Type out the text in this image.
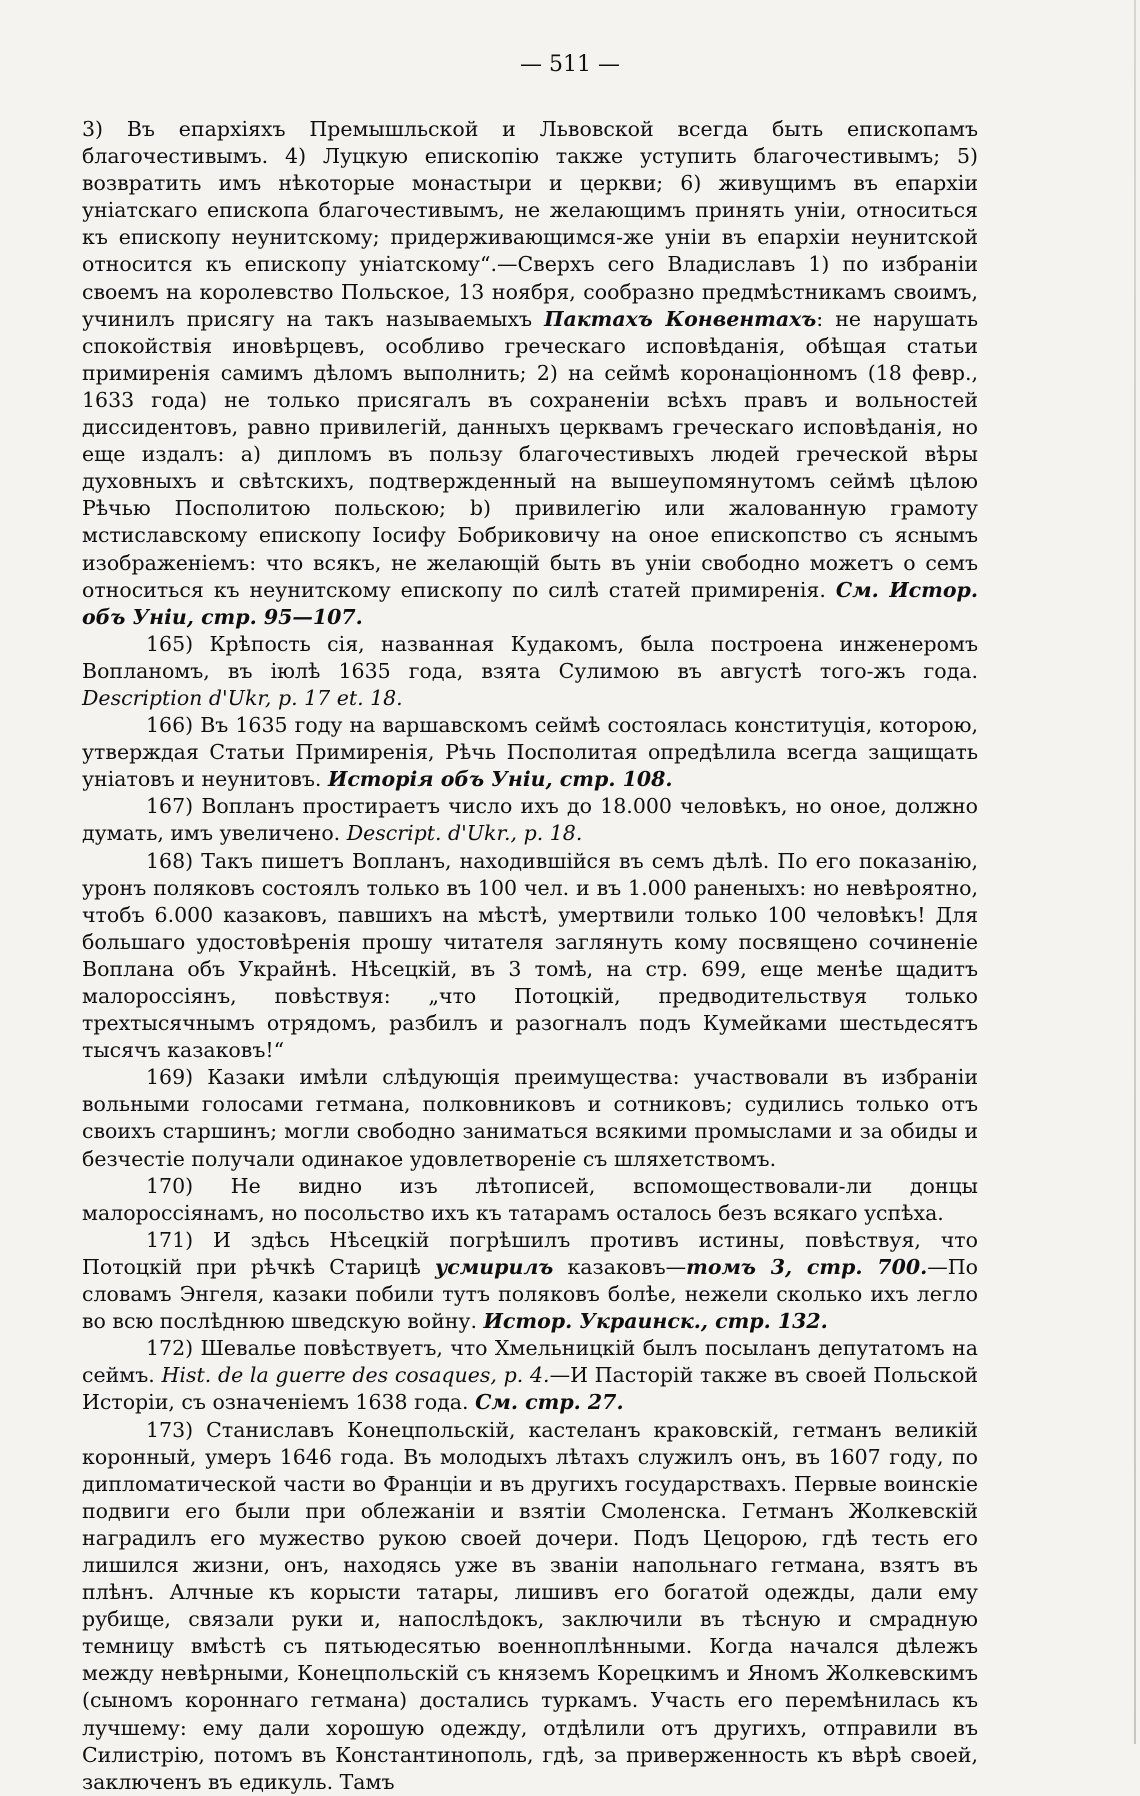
— 511 —

3) Въ епархiяхъ Премышльской и Львовской всегда быть епископамъ благочестивымъ. 4) Луцкую епископiю также уступить благочестивымъ; 5) возвратить имъ нѣкоторые монастыри и церкви; 6) живущимъ въ епархiи унiатскаго епископа благочестивымъ, не желающимъ принять унiи, относиться къ епископу неунитскому; придерживающимся-же унiи въ епархiи неунитской относится къ епископу унiатскому“.—Сверхъ сего Владиславъ 1) по избранiи своемъ на королевство Польское, 13 ноября, сообразно предмѣстникамъ своимъ, учинилъ присягу на такъ называемыхъ Пактахъ Конвентахъ: не нарушать спокойствiя иновѣрцевъ, особливо греческаго исповѣданiя, обѣщая статьи примиренiя самимъ дѣломъ выполнить; 2) на сеймѣ коронацiонномъ (18 февр., 1633 года) не только присягалъ въ сохраненiи всѣхъ правъ и вольностей диссидентовъ, равно привилегiй, данныхъ церквамъ греческаго исповѣданiя, но еще издалъ: а) дипломъ въ пользу благочестивыхъ людей греческой вѣры духовныхъ и свѣтскихъ, подтвержденный на вышеупомянутомъ сеймѣ цѣлою Рѣчью Посполитою польскою; b) привилегiю или жалованную грамоту мстиславскому епископу Iосифу Бобриковичу на оное епископство съ яснымъ изображенiемъ: что всякъ, не желающiй быть въ унiи свободно можетъ о семъ относиться къ неунитскому епископу по силѣ статей примиренiя. См. Истор. объ Унiи, стр. 95—107.

165) Крѣпость сiя, названная Кудакомъ, была построена инженеромъ Вопланомъ, въ iюлѣ 1635 года, взята Сулимою въ августѣ того-жъ года. Description d'Ukr, p. 17 et. 18.

166) Въ 1635 году на варшавскомъ сеймѣ состоялась конституцiя, которою, утверждая Статьи Примиренiя, Рѣчь Посполитая опредѣлила всегда защищать унiатовъ и неунитовъ. Исторiя объ Унiи, стр. 108.

167) Вопланъ простираетъ число ихъ до 18.000 человѣкъ, но оное, должно думать, имъ увеличено. Descript. d'Ukr., p. 18.

168) Такъ пишетъ Вопланъ, находившiйся въ семъ дѣлѣ. По его показанiю, уронъ поляковъ состоялъ только въ 100 чел. и въ 1.000 раненыхъ: но невѣроятно, чтобъ 6.000 казаковъ, павшихъ на мѣстѣ, умертвили только 100 человѣкъ! Для большаго удостовѣренiя прошу читателя заглянуть кому посвящено сочиненiе Воплана объ Украйнѣ. Нѣсецкiй, въ 3 томѣ, на стр. 699, еще менѣе щадитъ малороссiянъ, повѣствуя: „что Потоцкiй, предводительствуя только трехтысячнымъ отрядомъ, разбилъ и разогналъ подъ Кумейками шестьдесятъ тысячъ казаковъ!“

169) Казаки имѣли слѣдующiя преимущества: участвовали въ избранiи вольными голосами гетмана, полковниковъ и сотниковъ; судились только отъ своихъ старшинъ; могли свободно заниматься всякими промыслами и за обиды и безчестiе получали одинакое удовлетворенiе съ шляхетствомъ.

170) Не видно изъ лѣтописей, вспомоществовали-ли донцы малороссiянамъ, но посольство ихъ къ татарамъ осталось безъ всякаго успѣха.

171) И здѣсь Нѣсецкiй погрѣшилъ противъ истины, повѣствуя, что Потоцкiй при рѣчкѣ Старицѣ усмирилъ казаковъ—томъ 3, стр. 700.—По словамъ Энгеля, казаки побили тутъ поляковъ болѣе, нежели сколько ихъ легло во всю послѣднюю шведскую войну. Истор. Украинск., стр. 132.

172) Шевалье повѣствуетъ, что Хмельницкiй былъ посыланъ депутатомъ на сеймъ. Hist. de la guerre des cosaques, p. 4.—И Пасторiй также въ своей Польской Исторiи, съ означенiемъ 1638 года. См. стр. 27.

173) Станиславъ Конецпольскiй, кастеланъ краковскiй, гетманъ великiй коронный, умеръ 1646 года. Въ молодыхъ лѣтахъ служилъ онъ, въ 1607 году, по дипломатической части во Францiи и въ другихъ государствахъ. Первые воинскiе подвиги его были при облежанiи и взятiи Смоленска. Гетманъ Жолкевскiй наградилъ его мужество рукою своей дочери. Подъ Цецорою, гдѣ тесть его лишился жизни, онъ, находясь уже въ званiи напольнаго гетмана, взятъ въ плѣнъ. Алчные къ корысти татары, лишивъ его богатой одежды, дали ему рубище, связали руки и, напослѣдокъ, заключили въ тѣсную и смрадную темницу вмѣстѣ съ пятьюдесятью военноплѣнными. Когда начался дѣлежъ между невѣрными, Конецпольскiй съ княземъ Корецкимъ и Яномъ Жолкевскимъ (сыномъ короннаго гетмана) достались туркамъ. Участь его перемѣнилась къ лучшему: ему дали хорошую одежду, отдѣлили отъ другихъ, отправили въ Силистрiю, потомъ въ Константинополь, гдѣ, за приверженность къ вѣрѣ своей, заключенъ въ едикуль. Тамъ
